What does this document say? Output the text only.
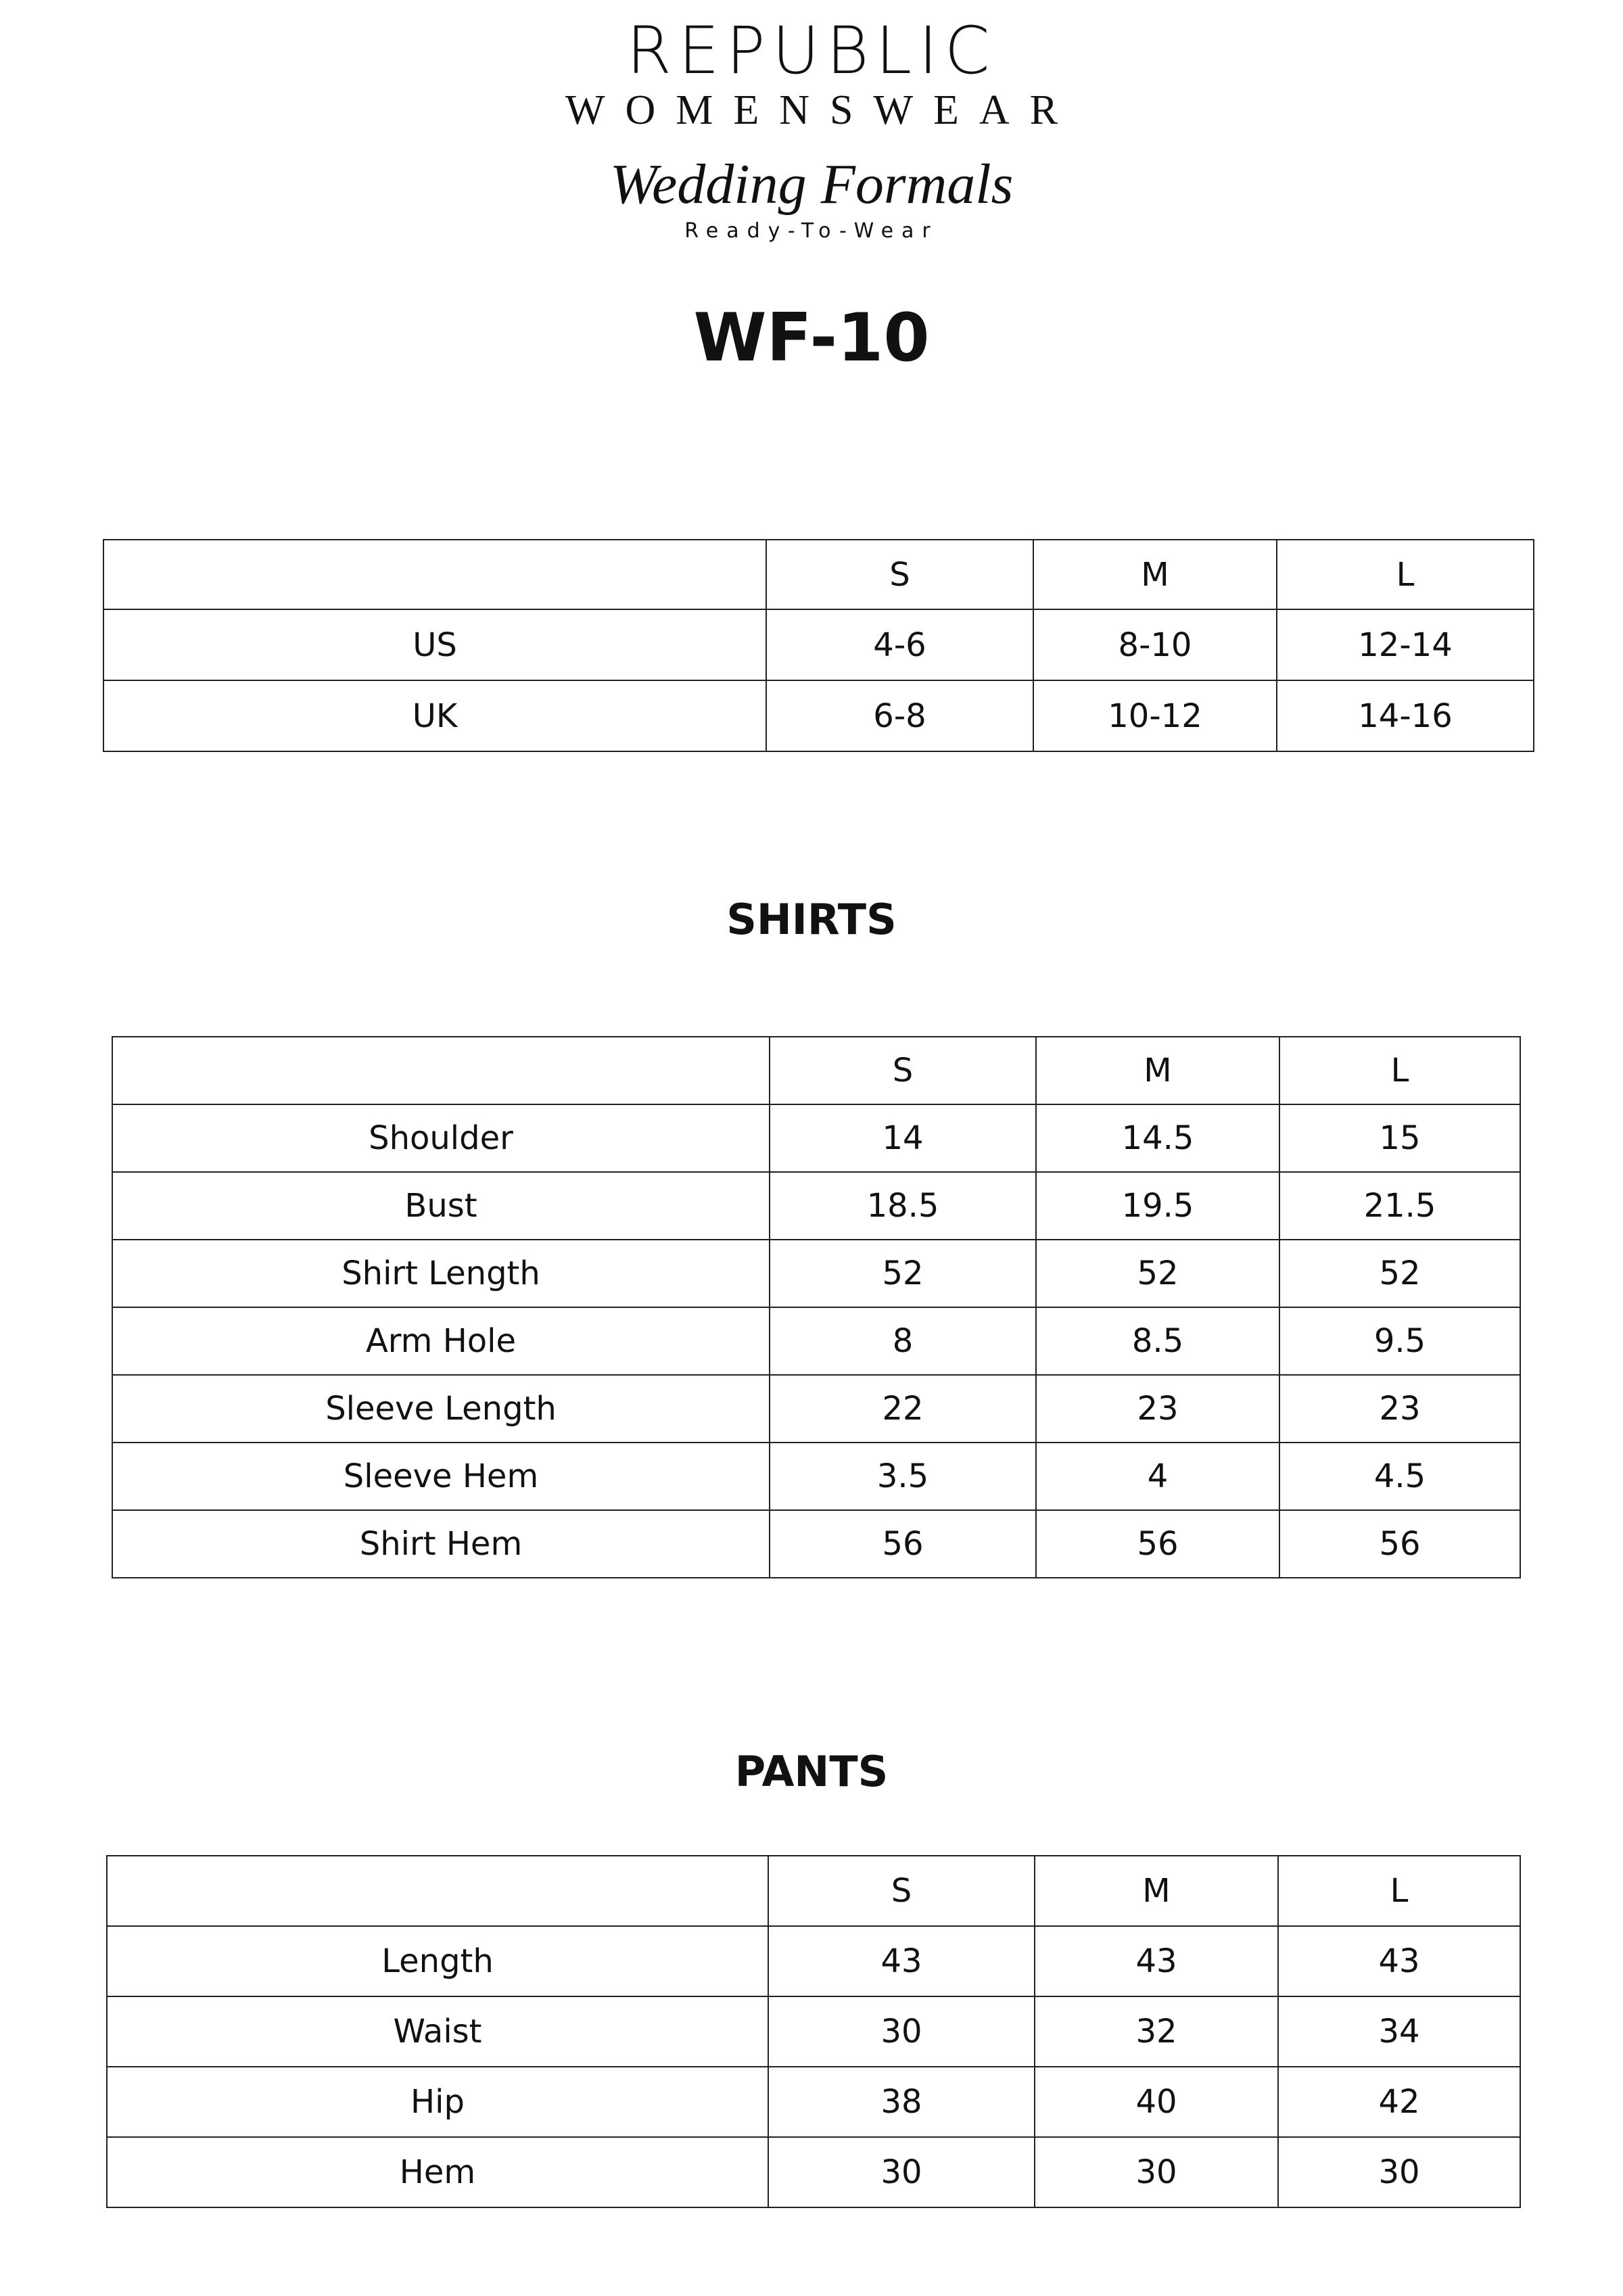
REPUBLIC
WOMENSWEAR
Wedding Formals
Ready-To-Wear
WF-10
	S	M	L
US	4-6	8-10	12-14
UK	6-8	10-12	14-16
SHIRTS
	S	M	L
Shoulder	14	14.5	15
Bust	18.5	19.5	21.5
Shirt Length	52	52	52
Arm Hole	8	8.5	9.5
Sleeve Length	22	23	23
Sleeve Hem	3.5	4	4.5
Shirt Hem	56	56	56
PANTS
	S	M	L
Length	43	43	43
Waist	30	32	34
Hip	38	40	42
Hem	30	30	30
